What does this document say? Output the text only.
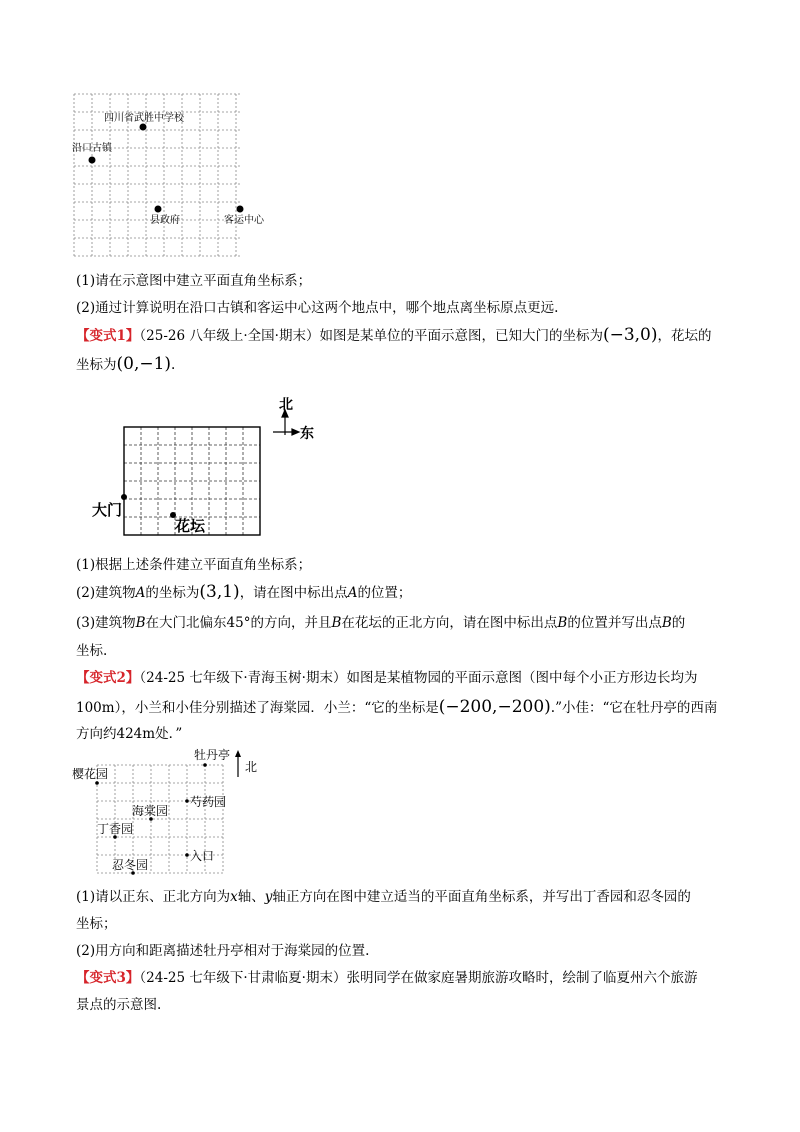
四川省武胜中学校
沿口古镇
县政府	客运中心
(1)请在示意图中建立平面直角坐标系；
(2)通过计算说明在沿口古镇和客运中心这两个地点中，哪个地点离坐标原点更远.
【变式1】（25-26 八年级上·全国·期末）如图是某单位的平面示意图，已知大门的坐标为(−3,0)，花坛的
坐标为(0,−1).
大门
花坛
北
东
(1)根据上述条件建立平面直角坐标系；
(2)建筑物A的坐标为(3,1)，请在图中标出点A的位置；
(3)建筑物B在大门北偏东45°的方向，并且B在花坛的正北方向，请在图中标出点B的位置并写出点B的
坐标.
【变式2】（24-25 七年级下·青海玉树·期末）如图是某植物园的平面示意图（图中每个小正方形边长均为
100m），小兰和小佳分别描述了海棠园．小兰：“它的坐标是(−200,−200).”小佳：“它在牡丹亭的西南
方向约424m处．”
牡丹亭
樱花园
芍药园
海棠园
丁香园
忍冬园
入口
北
(1)请以正东、正北方向为x轴、y轴正方向在图中建立适当的平面直角坐标系，并写出丁香园和忍冬园的
坐标；
(2)用方向和距离描述牡丹亭相对于海棠园的位置.
【变式3】（24-25 七年级下·甘肃临夏·期末）张明同学在做家庭暑期旅游攻略时，绘制了临夏州六个旅游
景点的示意图.
